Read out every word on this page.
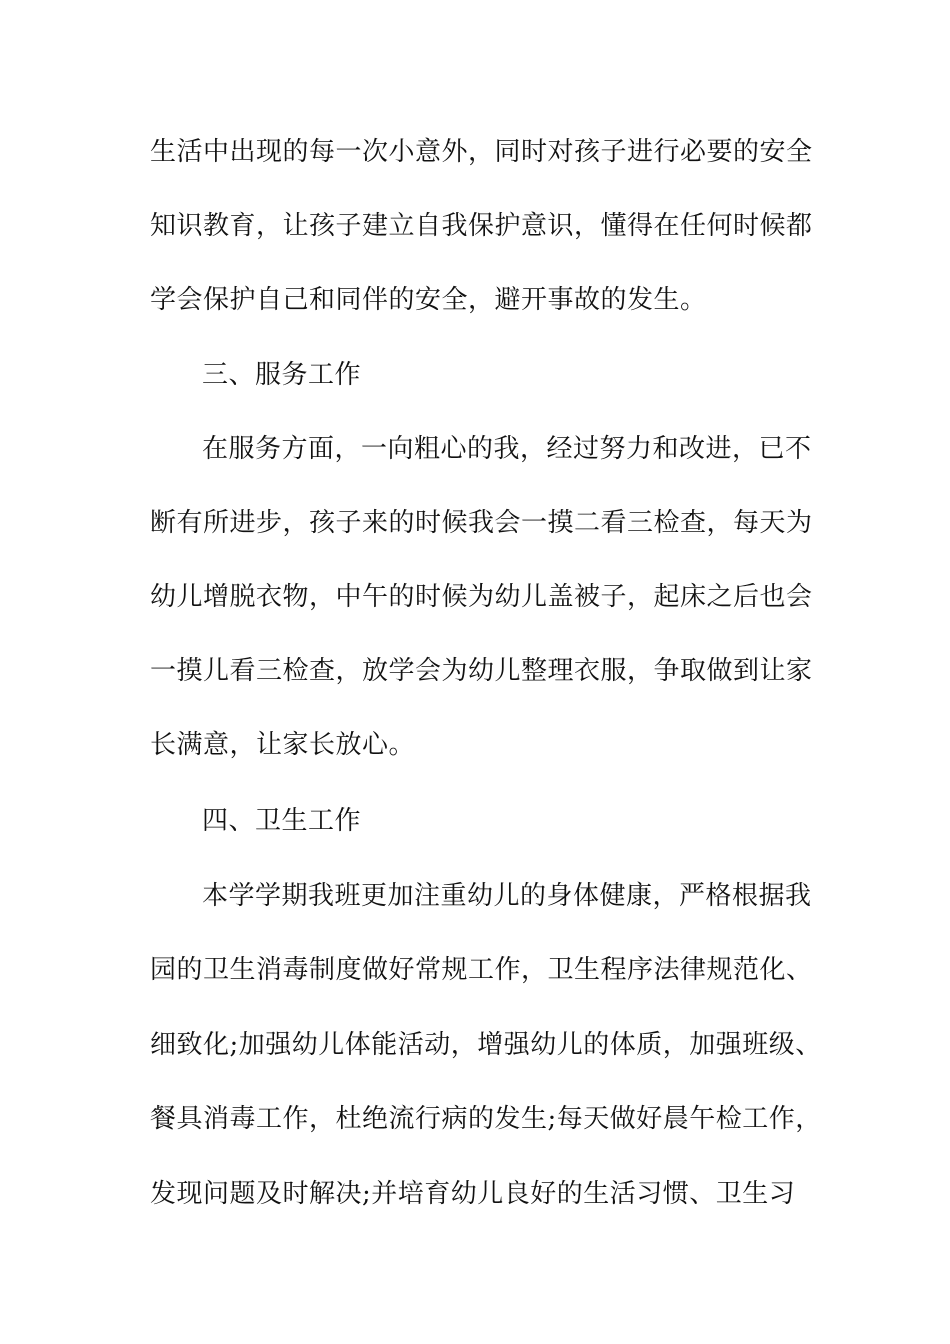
生活中出现的每一次小意外，同时对孩子进行必要的安全
知识教育，让孩子建立自我保护意识，懂得在任何时候都
学会保护自己和同伴的安全，避开事故的发生。
三、服务工作
在服务方面，一向粗心的我，经过努力和改进，已不
断有所进步，孩子来的时候我会一摸二看三检查，每天为
幼儿增脱衣物，中午的时候为幼儿盖被子，起床之后也会
一摸儿看三检查，放学会为幼儿整理衣服，争取做到让家
长满意，让家长放心。
四、卫生工作
本学学期我班更加注重幼儿的身体健康，严格根据我
园的卫生消毒制度做好常规工作，卫生程序法律规范化、
细致化;加强幼儿体能活动，增强幼儿的体质，加强班级、
餐具消毒工作，杜绝流行病的发生;每天做好晨午检工作，
发现问题及时解决;并培育幼儿良好的生活习惯、卫生习
